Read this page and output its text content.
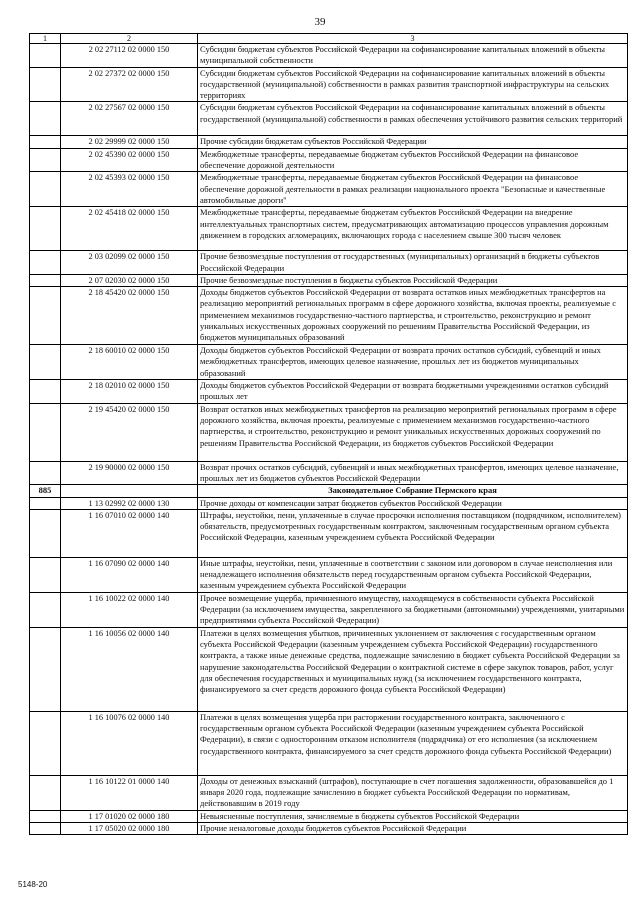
39
1	2	3
	2 02 27112 02 0000 150	Субсидии бюджетам субъектов Российской Федерации на софинансирование капитальных вложений в объекты муниципальной собственности
	2 02 27372 02 0000 150	Субсидии бюджетам субъектов Российской Федерации на софинансирование капитальных вложений в объекты государственной (муниципальной) собственности в рамках развития транспортной инфраструктуры на сельских территориях
	2 02 27567 02 0000 150	Субсидии бюджетам субъектов Российской Федерации на софинансирование капитальных вложений в объекты государственной (муниципальной) собственности в рамках обеспечения устойчивого развития сельских территорий
	2 02 29999 02 0000 150	Прочие субсидии бюджетам субъектов Российской Федерации
	2 02 45390 02 0000 150	Межбюджетные трансферты, передаваемые бюджетам субъектов Российской Федерации на финансовое обеспечение дорожной деятельности
	2 02 45393 02 0000 150	Межбюджетные трансферты, передаваемые бюджетам субъектов Российской Федерации на финансовое обеспечение дорожной деятельности в рамках реализации национального проекта "Безопасные и качественные автомобильные дороги"
	2 02 45418 02 0000 150	Межбюджетные трансферты, передаваемые бюджетам субъектов Российской Федерации на внедрение интеллектуальных транспортных систем, предусматривающих автоматизацию процессов управления дорожным движением в городских агломерациях, включающих города с населением свыше 300 тысяч человек
	2 03 02099 02 0000 150	Прочие безвозмездные поступления от государственных (муниципальных) организаций в бюджеты субъектов Российской Федерации
	2 07 02030 02 0000 150	Прочие безвозмездные поступления в бюджеты субъектов Российской Федерации
	2 18 45420 02 0000 150	Доходы бюджетов субъектов Российской Федерации от возврата остатков иных межбюджетных трансфертов на реализацию мероприятий региональных программ в сфере дорожного хозяйства, включая проекты, реализуемые с применением механизмов государственно-частного партнерства, и строительство, реконструкцию и ремонт уникальных искусственных дорожных сооружений по решениям Правительства Российской Федерации, из бюджетов муниципальных образований
	2 18 60010 02 0000 150	Доходы бюджетов субъектов Российской Федерации от возврата прочих остатков субсидий, субвенций и иных межбюджетных трансфертов, имеющих целевое назначение, прошлых лет из бюджетов муниципальных образований
	2 18 02010 02 0000 150	Доходы бюджетов субъектов Российской Федерации от возврата бюджетными учреждениями остатков субсидий прошлых лет
	2 19 45420 02 0000 150	Возврат остатков иных межбюджетных трансфертов на реализацию мероприятий региональных программ в сфере дорожного хозяйства, включая проекты, реализуемые с применением механизмов государственно-частного партнерства, и строительство, реконструкцию и ремонт уникальных искусственных дорожных сооружений по решениям Правительства Российской Федерации, из бюджетов субъектов Российской Федерации
	2 19 90000 02 0000 150	Возврат прочих остатков субсидий, субвенций и иных межбюджетных трансфертов, имеющих целевое назначение, прошлых лет из бюджетов субъектов Российской Федерации
885		Законодательное Собрание Пермского края
	1 13 02992 02 0000 130	Прочие доходы от компенсации затрат бюджетов субъектов Российской Федерации
	1 16 07010 02 0000 140	Штрафы, неустойки, пени, уплаченные в случае просрочки исполнения поставщиком (подрядчиком, исполнителем) обязательств, предусмотренных государственным контрактом, заключенным государственным органом субъекта Российской Федерации, казенным учреждением субъекта Российской Федерации
	1 16 07090 02 0000 140	Иные штрафы, неустойки, пени, уплаченные в соответствии с законом или договором в случае неисполнения или ненадлежащего исполнения обязательств перед государственным органом субъекта Российской Федерации, казенным учреждением субъекта Российской Федерации
	1 16 10022 02 0000 140	Прочее возмещение ущерба, причиненного имуществу, находящемуся в собственности субъекта Российской Федерации (за исключением имущества, закрепленного за бюджетными (автономными) учреждениями, унитарными предприятиями субъекта Российской Федерации)
	1 16 10056 02 0000 140	Платежи в целях возмещения убытков, причиненных уклонением от заключения с государственным органом субъекта Российской Федерации (казенным учреждением субъекта Российской Федерации) государственного контракта, а также иные денежные средства, подлежащие зачислению в бюджет субъекта Российской Федерации за нарушение законодательства Российской Федерации о контрактной системе в сфере закупок товаров, работ, услуг для обеспечения государственных и муниципальных нужд (за исключением государственного контракта, финансируемого за счет средств дорожного фонда субъекта Российской Федерации)
	1 16 10076 02 0000 140	Платежи в целях возмещения ущерба при расторжении государственного контракта, заключенного с государственным органом субъекта Российской Федерации (казенным учреждением субъекта Российской Федерации), в связи с односторонним отказом исполнителя (подрядчика) от его исполнения (за исключением государственного контракта, финансируемого за счет средств дорожного фонда субъекта Российской Федерации)
	1 16 10122 01 0000 140	Доходы от денежных взысканий (штрафов), поступающие в счет погашения задолженности, образовавшейся до 1 января 2020 года, подлежащие зачислению в бюджет субъекта Российской Федерации по нормативам, действовавшим в 2019 году
	1 17 01020 02 0000 180	Невыясненные поступления, зачисляемые в бюджеты субъектов Российской Федерации
	1 17 05020 02 0000 180	Прочие неналоговые доходы бюджетов субъектов Российской Федерации
5148-20
